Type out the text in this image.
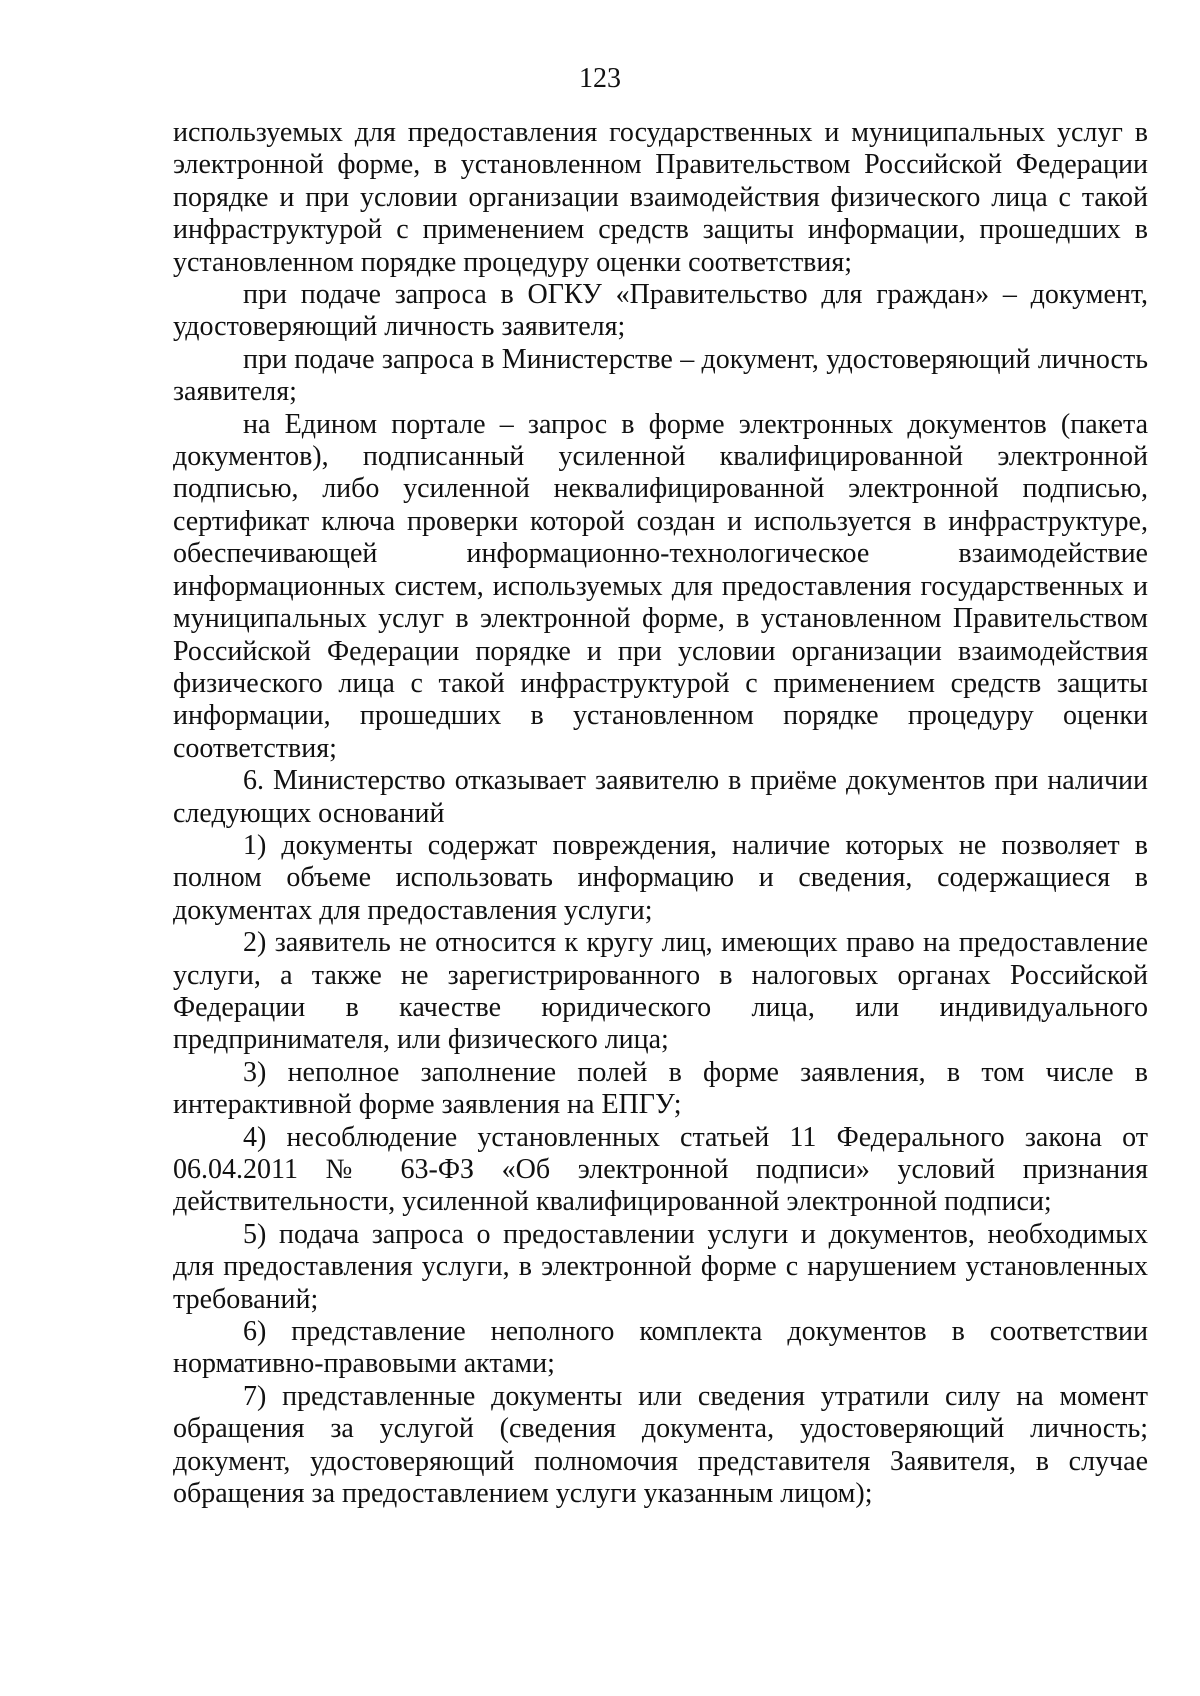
123

используемых для предоставления государственных и муниципальных услуг в электронной форме, в установленном Правительством Российской Федерации порядке и при условии организации взаимодействия физического лица с такой инфраструктурой с применением средств защиты информации, прошедших в установленном порядке процедуру оценки соответствия;

при подаче запроса в ОГКУ «Правительство для граждан» – документ, удостоверяющий личность заявителя;

при подаче запроса в Министерстве – документ, удостоверяющий личность заявителя;

на Едином портале – запрос в форме электронных документов (пакета документов), подписанный усиленной квалифицированной электронной подписью, либо усиленной неквалифицированной электронной подписью, сертификат ключа проверки которой создан и используется в инфраструктуре, обеспечивающей информационно-технологическое взаимодействие информационных систем, используемых для предоставления государственных и муниципальных услуг в электронной форме, в установленном Правительством Российской Федерации порядке и при условии организации взаимодействия физического лица с такой инфраструктурой с применением средств защиты информации, прошедших в установленном порядке процедуру оценки соответствия;

6. Министерство отказывает заявителю в приёме документов при наличии следующих оснований

1) документы содержат повреждения, наличие которых не позволяет в полном объеме использовать информацию и сведения, содержащиеся в документах для предоставления услуги;

2) заявитель не относится к кругу лиц, имеющих право на предоставление услуги, а также не зарегистрированного в налоговых органах Российской Федерации в качестве юридического лица, или индивидуального предпринимателя, или физического лица;

3) неполное заполнение полей в форме заявления, в том числе в интерактивной форме заявления на ЕПГУ;

4) несоблюдение установленных статьей 11 Федерального закона от 06.04.2011 № 63-ФЗ «Об электронной подписи» условий признания действительности, усиленной квалифицированной электронной подписи;

5) подача запроса о предоставлении услуги и документов, необходимых для предоставления услуги, в электронной форме с нарушением установленных требований;

6) представление неполного комплекта документов в соответствии нормативно-правовыми актами;

7) представленные документы или сведения утратили силу на момент обращения за услугой (сведения документа, удостоверяющий личность; документ, удостоверяющий полномочия представителя Заявителя, в случае обращения за предоставлением услуги указанным лицом);
